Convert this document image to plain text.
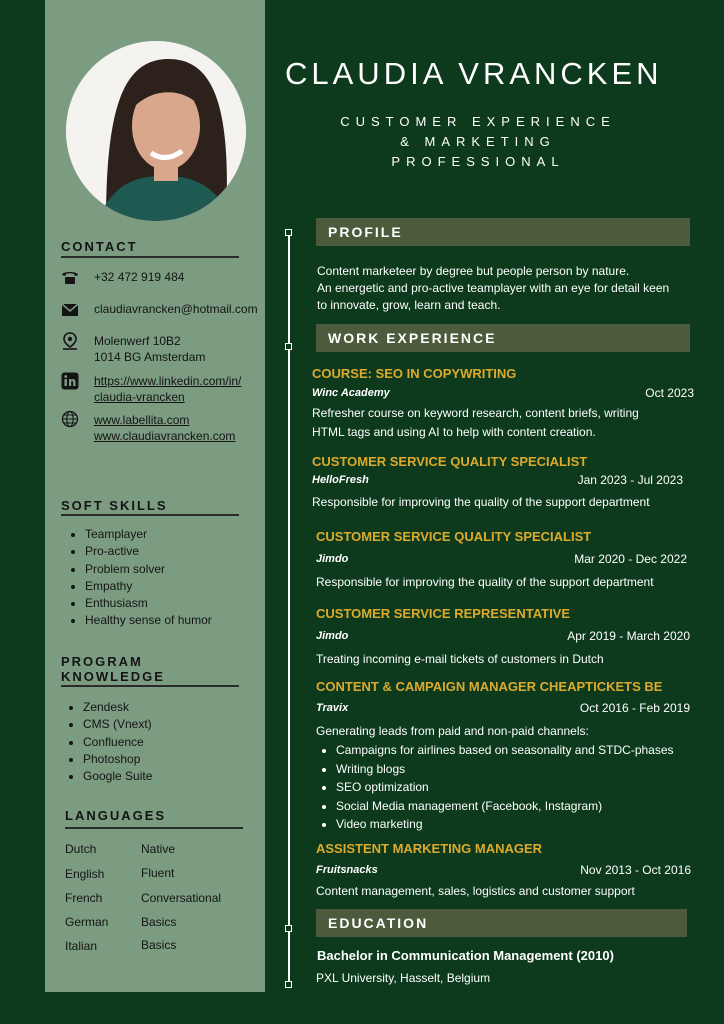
CONTACT
+32 472 919 484
claudiavrancken@hotmail.com
Molenwerf 10B2
1014 BG Amsterdam
https://www.linkedin.com/in/
claudia-vrancken
www.labellita.com
www.claudiavrancken.com
SOFT SKILLS
• Teamplayer
• Pro-active
• Problem solver
• Empathy
• Enthusiasm
• Healthy sense of humor
PROGRAM
KNOWLEDGE
• Zendesk
• CMS (Vnext)
• Confluence
• Photoshop
• Google Suite
LANGUAGES
Dutch	Native
English	Fluent
French	Conversational
German	Basics
Italian	Basics
CLAUDIA VRANCKEN
CUSTOMER EXPERIENCE
& MARKETING
PROFESSIONAL
PROFILE
Content marketeer by degree but people person by nature.
An energetic and pro-active teamplayer with an eye for detail keen
to innovate, grow, learn and teach.
WORK EXPERIENCE
COURSE: SEO IN COPYWRITING
Winc Academy	Oct 2023
Refresher course on keyword research, content briefs, writing
HTML tags and using AI to help with content creation.
CUSTOMER SERVICE QUALITY SPECIALIST
HelloFresh	Jan 2023 - Jul 2023
Responsible for improving the quality of the support department
CUSTOMER SERVICE QUALITY SPECIALIST
Jimdo	Mar 2020 - Dec 2022
Responsible for improving the quality of the support department
CUSTOMER SERVICE REPRESENTATIVE
Jimdo	Apr 2019 - March 2020
Treating incoming e-mail tickets of customers in Dutch
CONTENT & CAMPAIGN MANAGER CHEAPTICKETS BE
Travix	Oct 2016 - Feb 2019
Generating leads from paid and non-paid channels:
• Campaigns for airlines based on seasonality and STDC-phases
• Writing blogs
• SEO optimization
• Social Media management (Facebook, Instagram)
• Video marketing
ASSISTENT MARKETING MANAGER
Fruitsnacks	Nov 2013 - Oct 2016
Content management, sales, logistics and customer support
EDUCATION
Bachelor in Communication Management (2010)
PXL University, Hasselt, Belgium
